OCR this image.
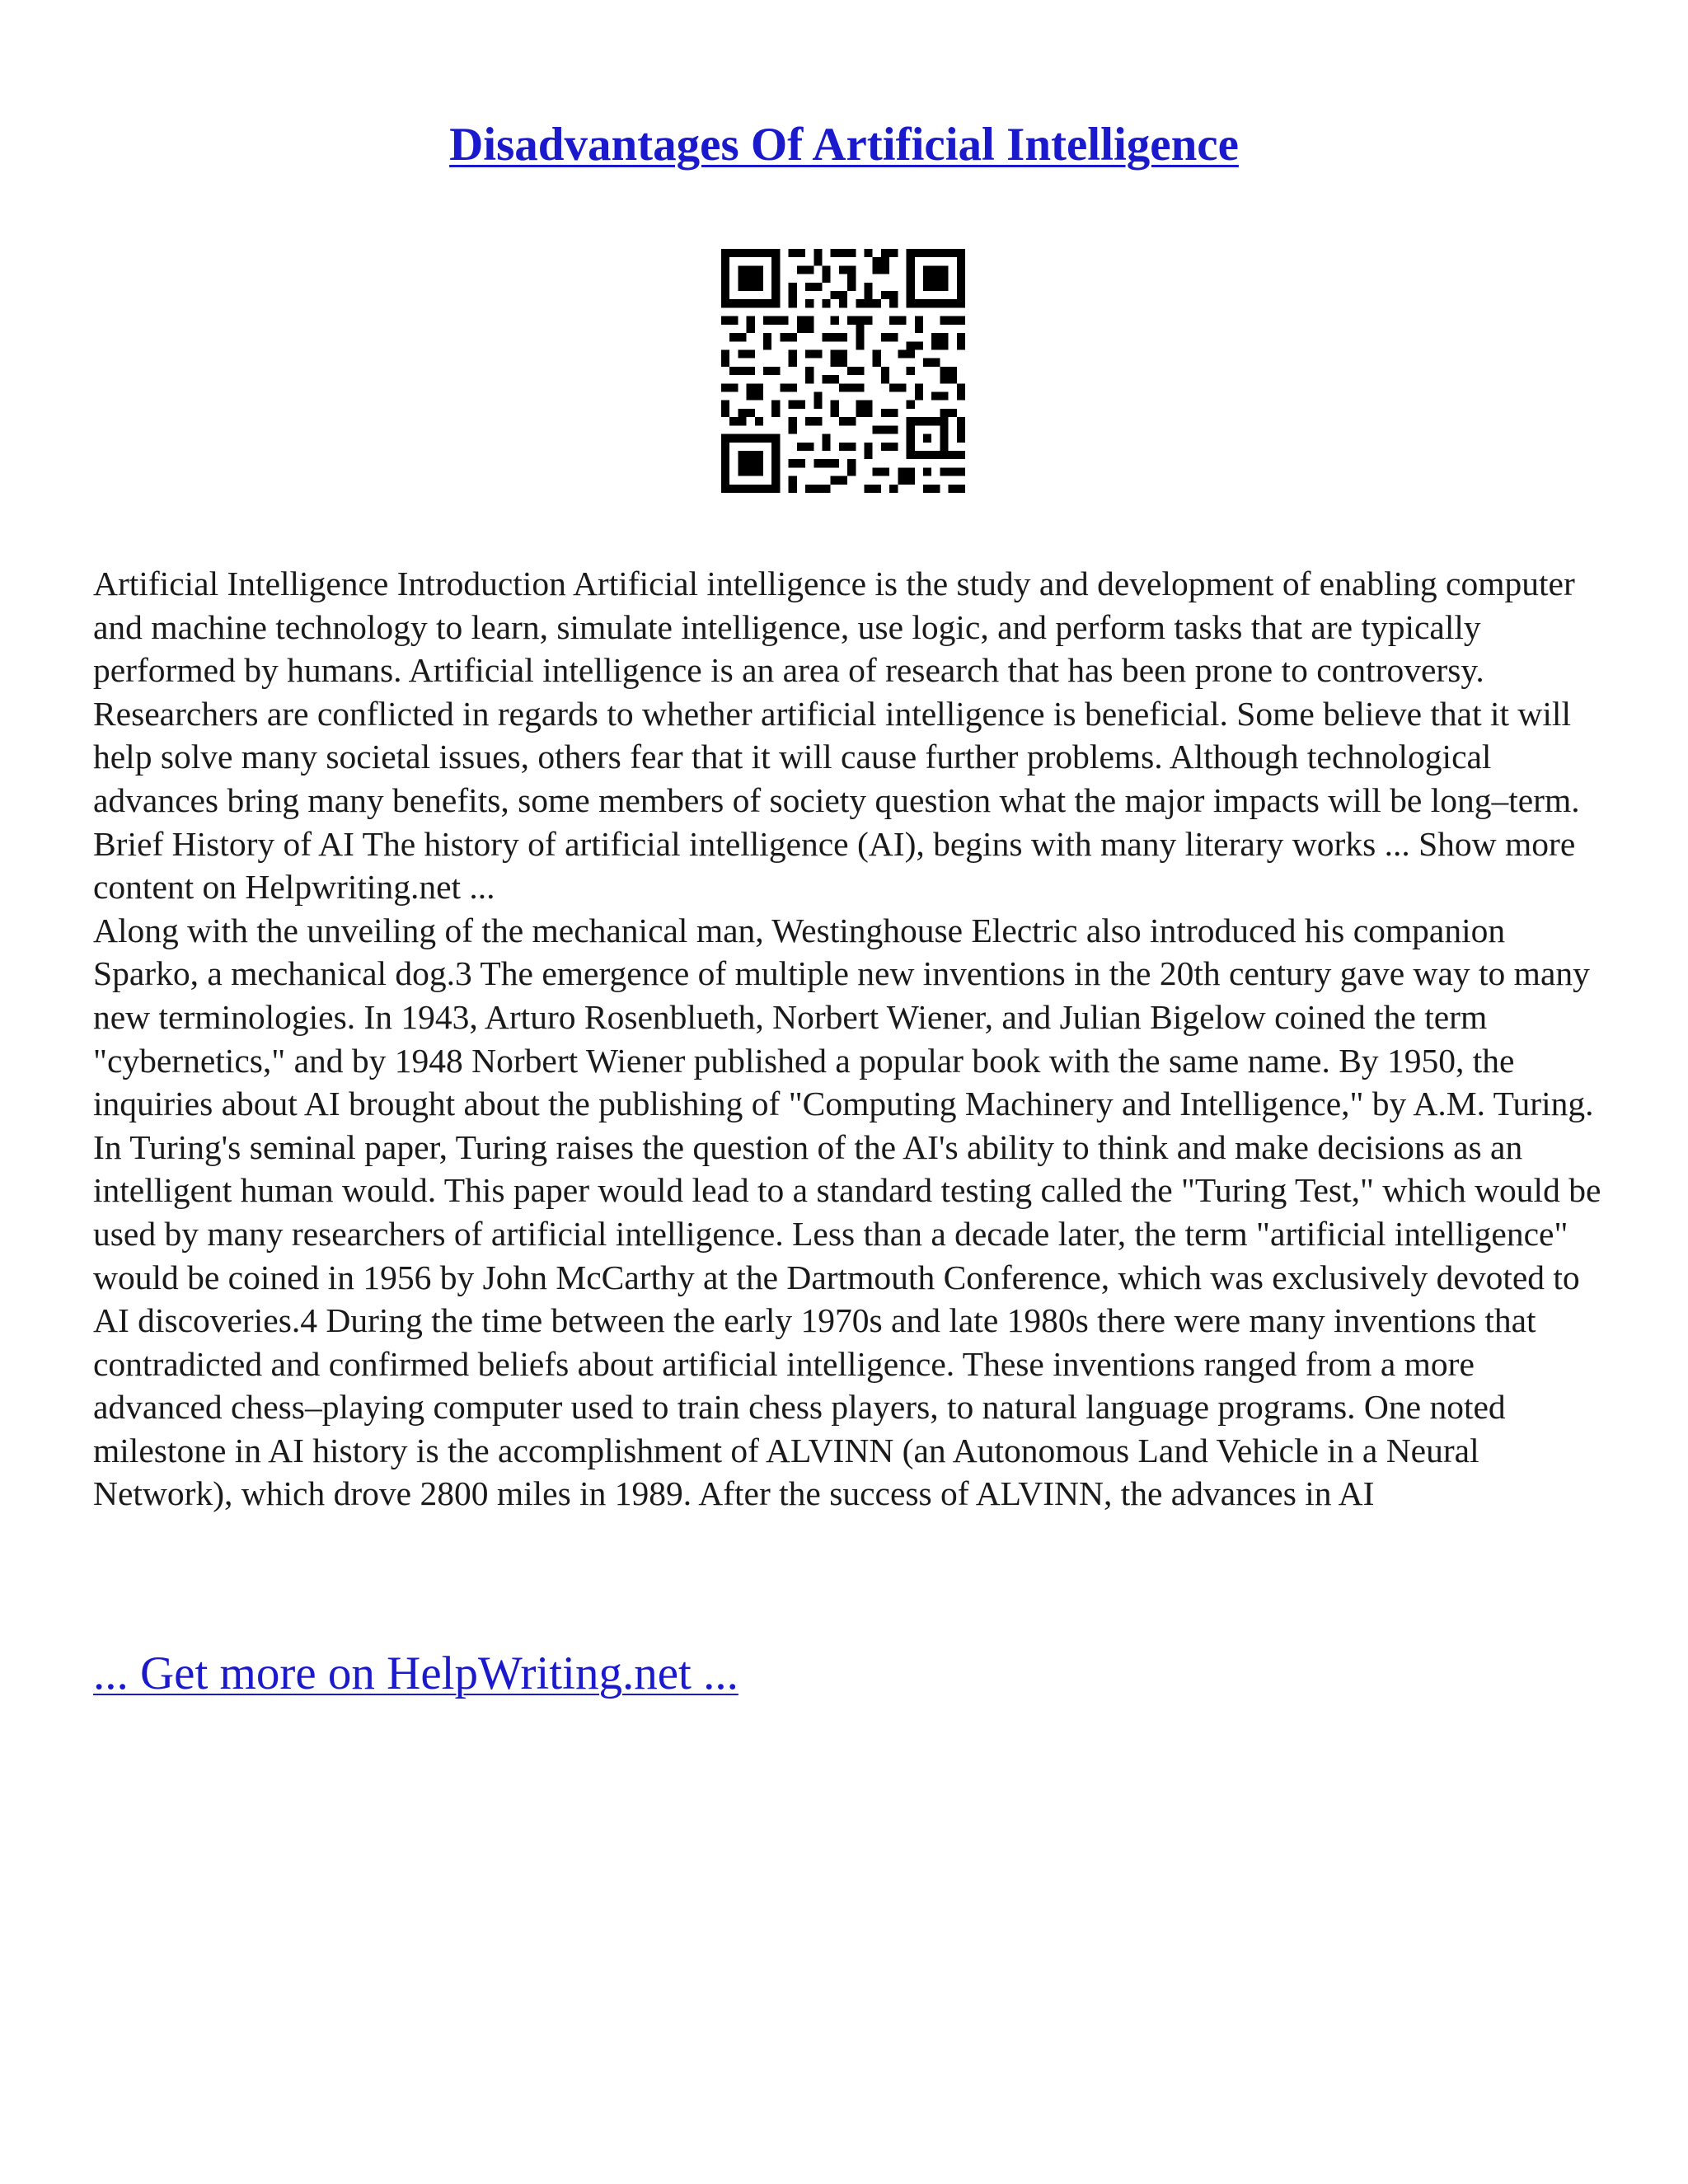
Disadvantages Of Artificial Intelligence

Artificial Intelligence Introduction Artificial intelligence is the study and development of enabling computer and machine technology to learn, simulate intelligence, use logic, and perform tasks that are typically performed by humans. Artificial intelligence is an area of research that has been prone to controversy. Researchers are conflicted in regards to whether artificial intelligence is beneficial. Some believe that it will help solve many societal issues, others fear that it will cause further problems. Although technological advances bring many benefits, some members of society question what the major impacts will be long–term. Brief History of AI The history of artificial intelligence (AI), begins with many literary works ... Show more content on Helpwriting.net ...

Along with the unveiling of the mechanical man, Westinghouse Electric also introduced his companion Sparko, a mechanical dog.3 The emergence of multiple new inventions in the 20th century gave way to many new terminologies. In 1943, Arturo Rosenblueth, Norbert Wiener, and Julian Bigelow coined the term "cybernetics," and by 1948 Norbert Wiener published a popular book with the same name. By 1950, the inquiries about AI brought about the publishing of "Computing Machinery and Intelligence," by A.M. Turing. In Turing's seminal paper, Turing raises the question of the AI's ability to think and make decisions as an intelligent human would. This paper would lead to a standard testing called the "Turing Test," which would be used by many researchers of artificial intelligence. Less than a decade later, the term "artificial intelligence" would be coined in 1956 by John McCarthy at the Dartmouth Conference, which was exclusively devoted to AI discoveries.4 During the time between the early 1970s and late 1980s there were many inventions that contradicted and confirmed beliefs about artificial intelligence. These inventions ranged from a more advanced chess–playing computer used to train chess players, to natural language programs. One noted milestone in AI history is the accomplishment of ALVINN (an Autonomous Land Vehicle in a Neural Network), which drove 2800 miles in 1989. After the success of ALVINN, the advances in AI

... Get more on HelpWriting.net ...
